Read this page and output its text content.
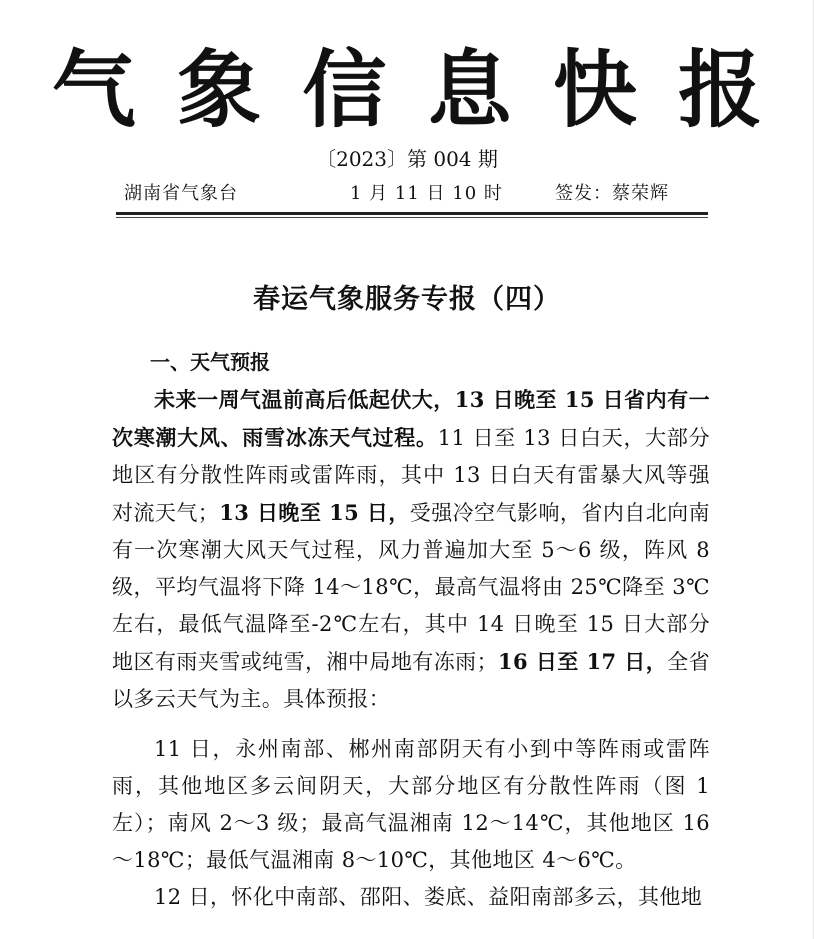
气 象 信 息 快 报
〔2023〕第 004 期
湖南省气象台	1 月 11 日 10 时	签发：蔡荣辉
春运气象服务专报（四）
一、天气预报
未来一周气温前高后低起伏大，13 日晚至 15 日省内有一次寒潮大风、雨雪冰冻天气过程。11 日至 13 日白天，大部分地区有分散性阵雨或雷阵雨，其中 13 日白天有雷暴大风等强对流天气；13 日晚至 15 日，受强冷空气影响，省内自北向南有一次寒潮大风天气过程，风力普遍加大至 5～6 级，阵风 8 级，平均气温将下降 14～18℃，最高气温将由 25℃降至 3℃左右，最低气温降至-2℃左右，其中 14 日晚至 15 日大部分地区有雨夹雪或纯雪，湘中局地有冻雨；16 日至 17 日，全省以多云天气为主。具体预报：
11 日，永州南部、郴州南部阴天有小到中等阵雨或雷阵雨，其他地区多云间阴天，大部分地区有分散性阵雨（图 1 左）；南风 2～3 级；最高气温湘南 12～14℃，其他地区 16～18℃；最低气温湘南 8～10℃，其他地区 4～6℃。
12 日，怀化中南部、邵阳、娄底、益阳南部多云，其他地
